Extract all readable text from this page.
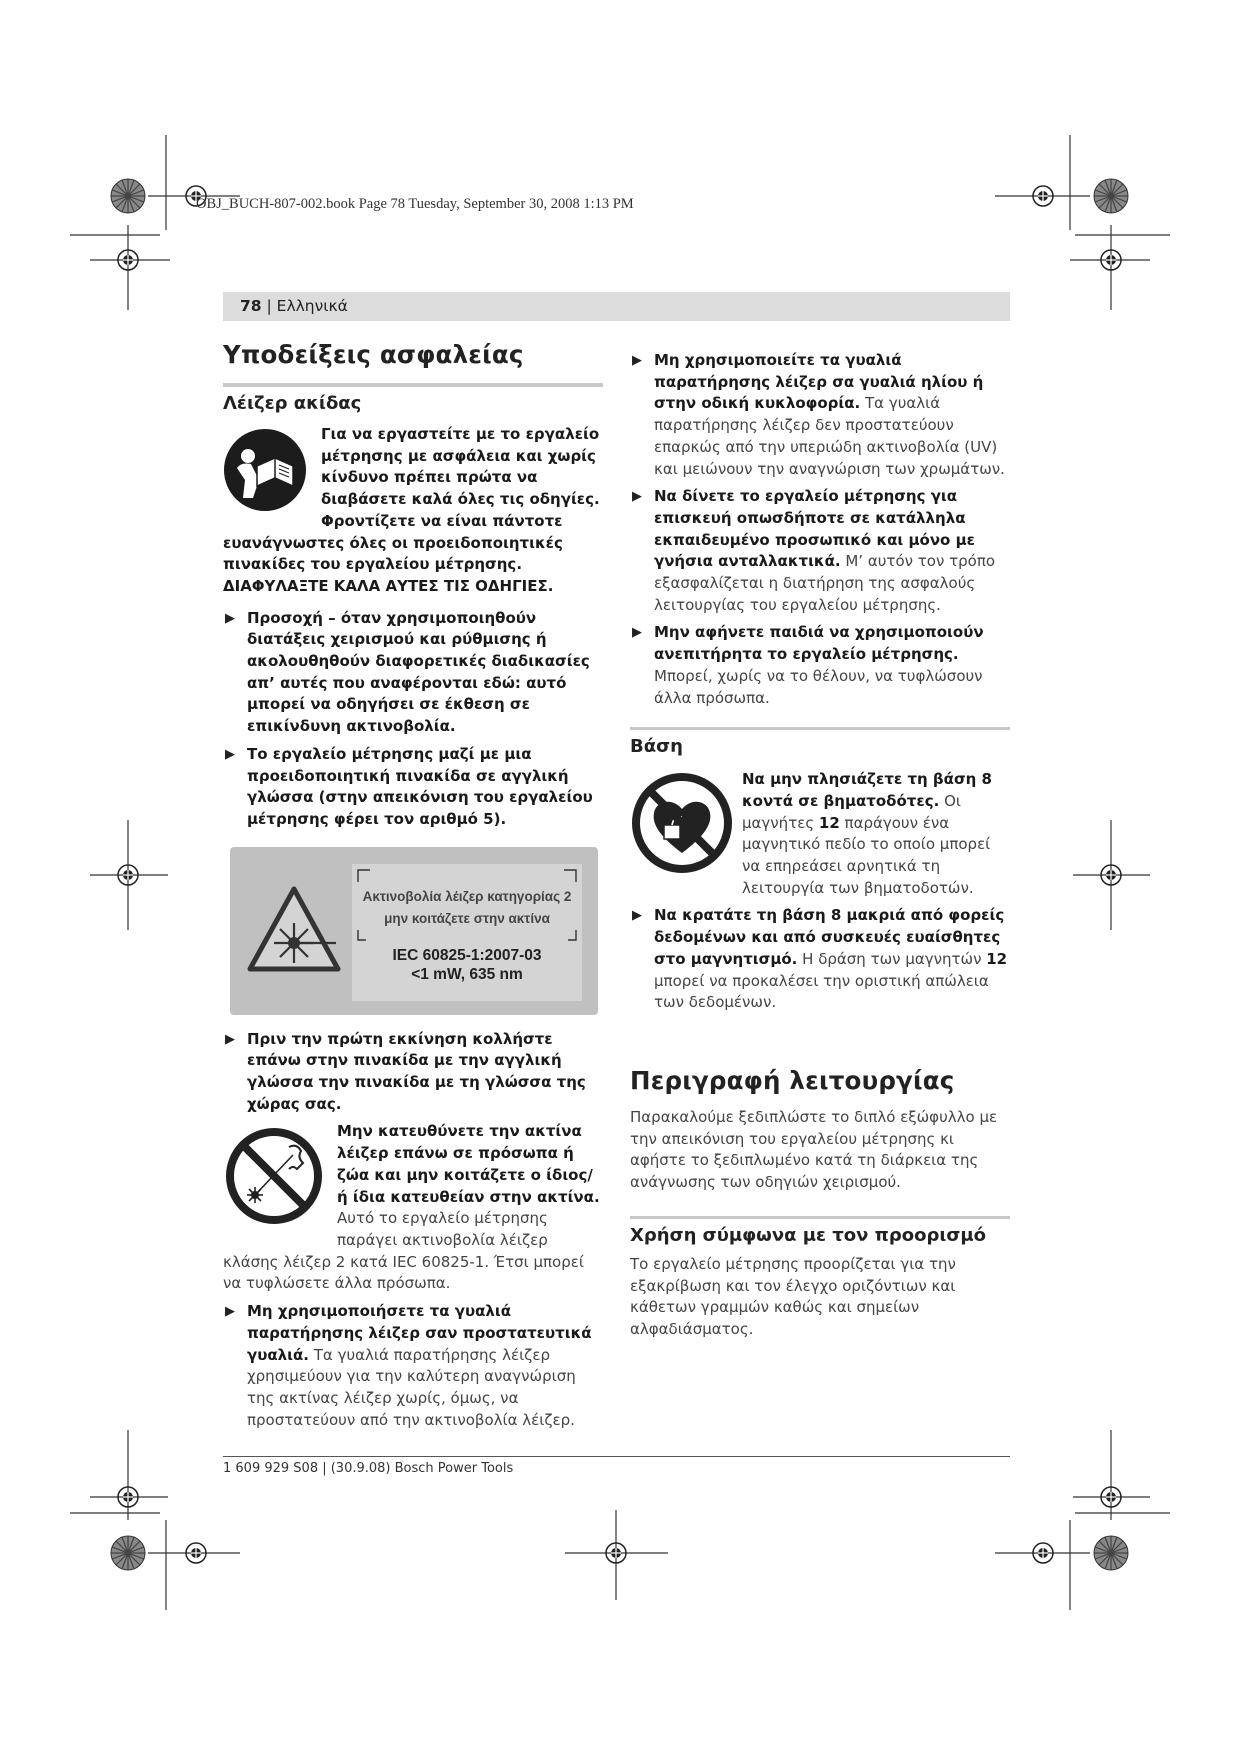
OBJ_BUCH-807-002.book Page 78 Tuesday, September 30, 2008 1:13 PM
78 | Ελληνικά
Υποδείξεις ασφαλείας
Λέιζερ ακίδας

Για να εργαστείτε με το εργαλείο μέτρησης με ασφάλεια και χωρίς κίνδυνο πρέπει πρώτα να διαβάσετε καλά όλες τις οδηγίες. Φροντίζετε να είναι πάντοτε ευανάγνωστες όλες οι προειδοποιητικές πινακίδες του εργαλείου μέτρησης. ΔΙΑΦΥΛΑΞΤΕ ΚΑΛΑ ΑΥΤΕΣ ΤΙΣ ΟΔΗΓΙΕΣ.

▶ Προσοχή – όταν χρησιμοποιηθούν διατάξεις χειρισμού και ρύθμισης ή ακολουθηθούν διαφορετικές διαδικασίες απ’ αυτές που αναφέρονται εδώ: αυτό μπορεί να οδηγήσει σε έκθεση σε επικίνδυνη ακτινοβολία.
▶ Το εργαλείο μέτρησης μαζί με μια προειδοποιητική πινακίδα σε αγγλική γλώσσα (στην απεικόνιση του εργαλείου μέτρησης φέρει τον αριθμό 5).
Ακτινοβολία λέιζερ κατηγορίας 2
μην κοιτάζετε στην ακτίνα
IEC 60825-1:2007-03
<1 mW, 635 nm
▶ Πριν την πρώτη εκκίνηση κολλήστε επάνω στην πινακίδα με την αγγλική γλώσσα την πινακίδα με τη γλώσσα της χώρας σας.

Μην κατευθύνετε την ακτίνα λέιζερ επάνω σε πρόσωπα ή ζώα και μην κοιτάζετε ο ίδιος/ή ίδια κατευθείαν στην ακτίνα. Αυτό το εργαλείο μέτρησης παράγει ακτινοβολία λέιζερ κλάσης λέιζερ 2 κατά IEC 60825-1. Έτσι μπορεί να τυφλώσετε άλλα πρόσωπα.

▶ Μη χρησιμοποιήσετε τα γυαλιά παρατήρησης λέιζερ σαν προστατευτικά γυαλιά. Τα γυαλιά παρατήρησης λέιζερ χρησιμεύουν για την καλύτερη αναγνώριση της ακτίνας λέιζερ χωρίς, όμως, να προστατεύουν από την ακτινοβολία λέιζερ.
▶ Μη χρησιμοποιείτε τα γυαλιά παρατήρησης λέιζερ σα γυαλιά ηλίου ή στην οδική κυκλοφορία. Τα γυαλιά παρατήρησης λέιζερ δεν προστατεύουν επαρκώς από την υπεριώδη ακτινοβολία (UV) και μειώνουν την αναγνώριση των χρωμάτων.
▶ Να δίνετε το εργαλείο μέτρησης για επισκευή οπωσδήποτε σε κατάλληλα εκπαιδευμένο προσωπικό και μόνο με γνήσια ανταλλακτικά. Μ’ αυτόν τον τρόπο εξασφαλίζεται η διατήρηση της ασφαλούς λειτουργίας του εργαλείου μέτρησης.
▶ Μην αφήνετε παιδιά να χρησιμοποιούν ανεπιτήρητα το εργαλείο μέτρησης. Μπορεί, χωρίς να το θέλουν, να τυφλώσουν άλλα πρόσωπα.
Βάση

Να μην πλησιάζετε τη βάση 8 κοντά σε βηματοδότες. Οι μαγνήτες 12 παράγουν ένα μαγνητικό πεδίο το οποίο μπορεί να επηρεάσει αρνητικά τη λειτουργία των βηματοδοτών.

▶ Να κρατάτε τη βάση 8 μακριά από φορείς δεδομένων και από συσκευές ευαίσθητες στο μαγνητισμό. Η δράση των μαγνητών 12 μπορεί να προκαλέσει την οριστική απώλεια των δεδομένων.
Περιγραφή λειτουργίας

Παρακαλούμε ξεδιπλώστε το διπλό εξώφυλλο με την απεικόνιση του εργαλείου μέτρησης κι αφήστε το ξεδιπλωμένο κατά τη διάρκεια της ανάγνωσης των οδηγιών χειρισμού.

Χρήση σύμφωνα με τον προορισμό

Το εργαλείο μέτρησης προορίζεται για την εξακρίβωση και τον έλεγχο οριζόντιων και κάθετων γραμμών καθώς και σημείων αλφαδιάσματος.

1 609 929 S08 | (30.9.08) Bosch Power Tools
